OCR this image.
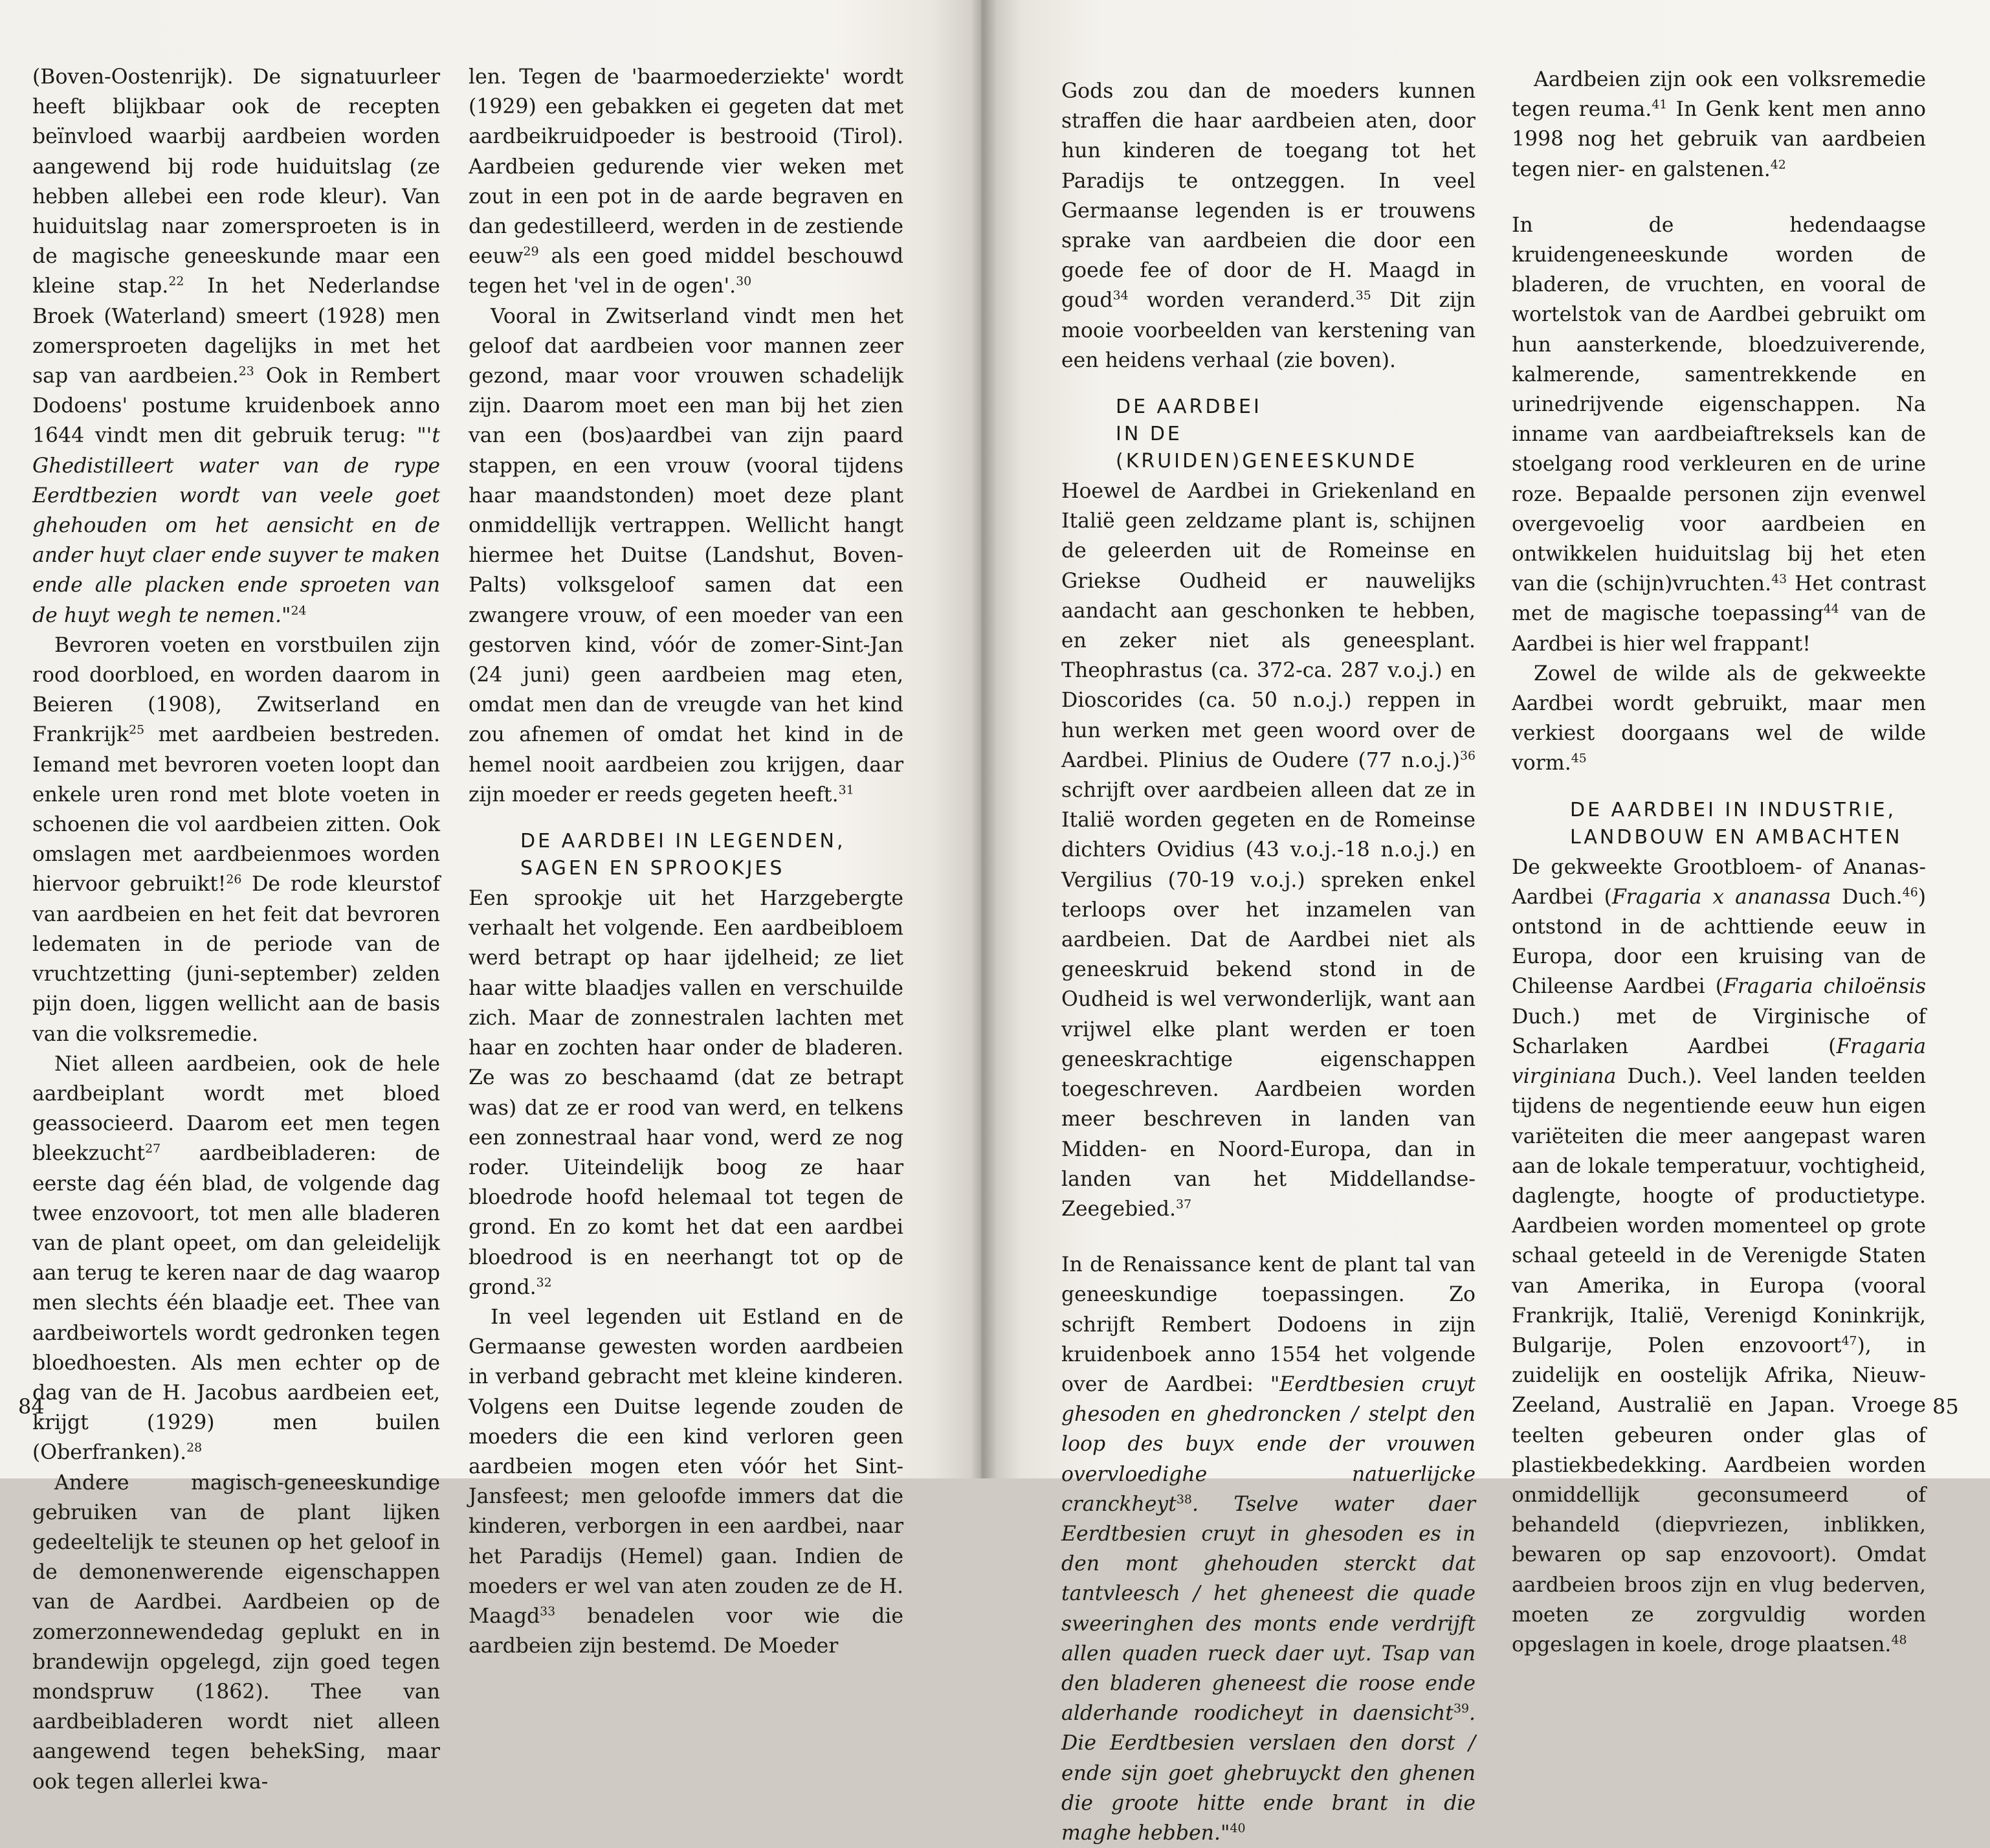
(Boven-Oostenrijk). De signatuurleer heeft blijkbaar ook de recepten beïnvloed waarbij aardbeien worden aangewend bij rode huiduitslag (ze hebben allebei een rode kleur). Van huiduitslag naar zomersproeten is in de magische geneeskunde maar een kleine stap.$^{22}$ In het Nederlandse Broek (Waterland) smeert (1928) men zomersproeten dagelijks in met het sap van aardbeien.$^{23}$ Ook in Rembert Dodoens' postume kruidenboek anno 1644 vindt men dit gebruik terug: "'t Ghedistilleert water van de rype Eerdtbezien wordt van veele goet ghehouden om het aensicht en de ander huyt claer ende suyver te maken ende alle placken ende sproeten van de huyt wegh te nemen."$^{24}$

Bevroren voeten en vorstbuilen zijn rood doorbloed, en worden daarom in Beieren (1908), Zwitserland en Frankrijk$^{25}$ met aardbeien bestreden. Iemand met bevroren voeten loopt dan enkele uren rond met blote voeten in schoenen die vol aardbeien zitten. Ook omslagen met aardbeienmoes worden hiervoor gebruikt!$^{26}$ De rode kleurstof van aardbeien en het feit dat bevroren ledematen in de periode van de vruchtzetting (juni-september) zelden pijn doen, liggen wellicht aan de basis van die volksremedie.

Niet alleen aardbeien, ook de hele aardbeiplant wordt met bloed geassocieerd. Daarom eet men tegen bleekzucht$^{27}$ aardbeibladeren: de eerste dag één blad, de volgende dag twee enzovoort, tot men alle bladeren van de plant opeet, om dan geleidelijk aan terug te keren naar de dag waarop men slechts één blaadje eet. Thee van aardbeiwortels wordt gedronken tegen bloedhoesten. Als men echter op de dag van de H. Jacobus aardbeien eet, krijgt (1929) men builen (Oberfranken).$^{28}$

Andere magisch-geneeskundige gebruiken van de plant lijken gedeeltelijk te steunen op het geloof in de demonenwerende eigenschappen van de Aardbei. Aardbeien op de zomerzonnewendedag geplukt en in brandewijn opgelegd, zijn goed tegen mondspruw (1862). Thee van aardbeibladeren wordt niet alleen aangewend tegen behekSing, maar ook tegen allerlei kwa-

len. Tegen de 'baarmoederziekte' wordt (1929) een gebakken ei gegeten dat met aardbeikruidpoeder is bestrooid (Tirol). Aardbeien gedurende vier weken met zout in een pot in de aarde begraven en dan gedestilleerd, werden in de zestiende eeuw$^{29}$ als een goed middel beschouwd tegen het 'vel in de ogen'.$^{30}$

Vooral in Zwitserland vindt men het geloof dat aardbeien voor mannen zeer gezond, maar voor vrouwen schadelijk zijn. Daarom moet een man bij het zien van een (bos)aardbei van zijn paard stappen, en een vrouw (vooral tijdens haar maandstonden) moet deze plant onmiddellijk vertrappen. Wellicht hangt hiermee het Duitse (Landshut, Boven-Palts) volksgeloof samen dat een zwangere vrouw, of een moeder van een gestorven kind, vóór de zomer-Sint-Jan (24 juni) geen aardbeien mag eten, omdat men dan de vreugde van het kind zou afnemen of omdat het kind in de hemel nooit aardbeien zou krijgen, daar zijn moeder er reeds gegeten heeft.$^{31}$

DE AARDBEI IN LEGENDEN,
SAGEN EN SPROOKJES

Een sprookje uit het Harzgebergte verhaalt het volgende. Een aardbeibloem werd betrapt op haar ijdelheid; ze liet haar witte blaadjes vallen en verschuilde zich. Maar de zonnestralen lachten met haar en zochten haar onder de bladeren. Ze was zo beschaamd (dat ze betrapt was) dat ze er rood van werd, en telkens een zonnestraal haar vond, werd ze nog roder. Uiteindelijk boog ze haar bloedrode hoofd helemaal tot tegen de grond. En zo komt het dat een aardbei bloedrood is en neerhangt tot op de grond.$^{32}$

In veel legenden uit Estland en de Germaanse gewesten worden aardbeien in verband gebracht met kleine kinderen. Volgens een Duitse legende zouden de moeders die een kind verloren geen aardbeien mogen eten vóór het Sint-Jansfeest; men geloofde immers dat die kinderen, verborgen in een aardbei, naar het Paradijs (Hemel) gaan. Indien de moeders er wel van aten zouden ze de H. Maagd$^{33}$ benadelen voor wie die aardbeien zijn bestemd. De Moeder

Gods zou dan de moeders kunnen straffen die haar aardbeien aten, door hun kinderen de toegang tot het Paradijs te ontzeggen. In veel Germaanse legenden is er trouwens sprake van aardbeien die door een goede fee of door de H. Maagd in goud$^{34}$ worden veranderd.$^{35}$ Dit zijn mooie voorbeelden van kerstening van een heidens verhaal (zie boven).

DE AARDBEI
IN DE (KRUIDEN)GENEESKUNDE

Hoewel de Aardbei in Griekenland en Italië geen zeldzame plant is, schijnen de geleerden uit de Romeinse en Griekse Oudheid er nauwelijks aandacht aan geschonken te hebben, en zeker niet als geneesplant. Theophrastus (ca. 372-ca. 287 v.o.j.) en Dioscorides (ca. 50 n.o.j.) reppen in hun werken met geen woord over de Aardbei. Plinius de Oudere (77 n.o.j.)$^{36}$ schrijft over aardbeien alleen dat ze in Italië worden gegeten en de Romeinse dichters Ovidius (43 v.o.j.-18 n.o.j.) en Vergilius (70-19 v.o.j.) spreken enkel terloops over het inzamelen van aardbeien. Dat de Aardbei niet als geneeskruid bekend stond in de Oudheid is wel verwonderlijk, want aan vrijwel elke plant werden er toen geneeskrachtige eigenschappen toegeschreven. Aardbeien worden meer beschreven in landen van Midden- en Noord-Europa, dan in landen van het Middellandse-Zeegebied.$^{37}$

In de Renaissance kent de plant tal van geneeskundige toepassingen. Zo schrijft Rembert Dodoens in zijn kruidenboek anno 1554 het volgende over de Aardbei: "Eerdtbesien cruyt ghesoden en ghedroncken / stelpt den loop des buyx ende der vrouwen overvloedighe natuerlijcke cranckheyt$^{38}$. Tselve water daer Eerdtbesien cruyt in ghesoden es in den mont ghehouden sterckt dat tantvleesch / het gheneest die quade sweeringhen des monts ende verdrijft allen quaden rueck daer uyt. Tsap van den bladeren gheneest die roose ende alderhande roodicheyt in daensicht$^{39}$. Die Eerdtbesien verslaen den dorst / ende sijn goet ghebruyckt den ghenen die groote hitte ende brant in die maghe hebben."$^{40}$

Aardbeien zijn ook een volksremedie tegen reuma.$^{41}$ In Genk kent men anno 1998 nog het gebruik van aardbeien tegen nier- en galstenen.$^{42}$

In de hedendaagse kruidengeneeskunde worden de bladeren, de vruchten, en vooral de wortelstok van de Aardbei gebruikt om hun aansterkende, bloedzuiverende, kalmerende, samentrekkende en urinedrijvende eigenschappen. Na inname van aardbeiaftreksels kan de stoelgang rood verkleuren en de urine roze. Bepaalde personen zijn evenwel overgevoelig voor aardbeien en ontwikkelen huiduitslag bij het eten van die (schijn)vruchten.$^{43}$ Het contrast met de magische toepassing$^{44}$ van de Aardbei is hier wel frappant!

Zowel de wilde als de gekweekte Aardbei wordt gebruikt, maar men verkiest doorgaans wel de wilde vorm.$^{45}$

DE AARDBEI IN INDUSTRIE,
LANDBOUW EN AMBACHTEN

De gekweekte Grootbloem- of Ananas-Aardbei (Fragaria x ananassa Duch.$^{46}$) ontstond in de achttiende eeuw in Europa, door een kruising van de Chileense Aardbei (Fragaria chiloënsis Duch.) met de Virginische of Scharlaken Aardbei (Fragaria virginiana Duch.). Veel landen teelden tijdens de negentiende eeuw hun eigen variëteiten die meer aangepast waren aan de lokale temperatuur, vochtigheid, daglengte, hoogte of productietype. Aardbeien worden momenteel op grote schaal geteeld in de Verenigde Staten van Amerika, in Europa (vooral Frankrijk, Italië, Verenigd Koninkrijk, Bulgarije, Polen enzovoort$^{47}$), in zuidelijk en oostelijk Afrika, Nieuw-Zeeland, Australië en Japan. Vroege teelten gebeuren onder glas of plastiekbedekking. Aardbeien worden onmiddellijk geconsumeerd of behandeld (diepvriezen, inblikken, bewaren op sap enzovoort). Omdat aardbeien broos zijn en vlug bederven, moeten ze zorgvuldig worden opgeslagen in koele, droge plaatsen.$^{48}$

84	85
